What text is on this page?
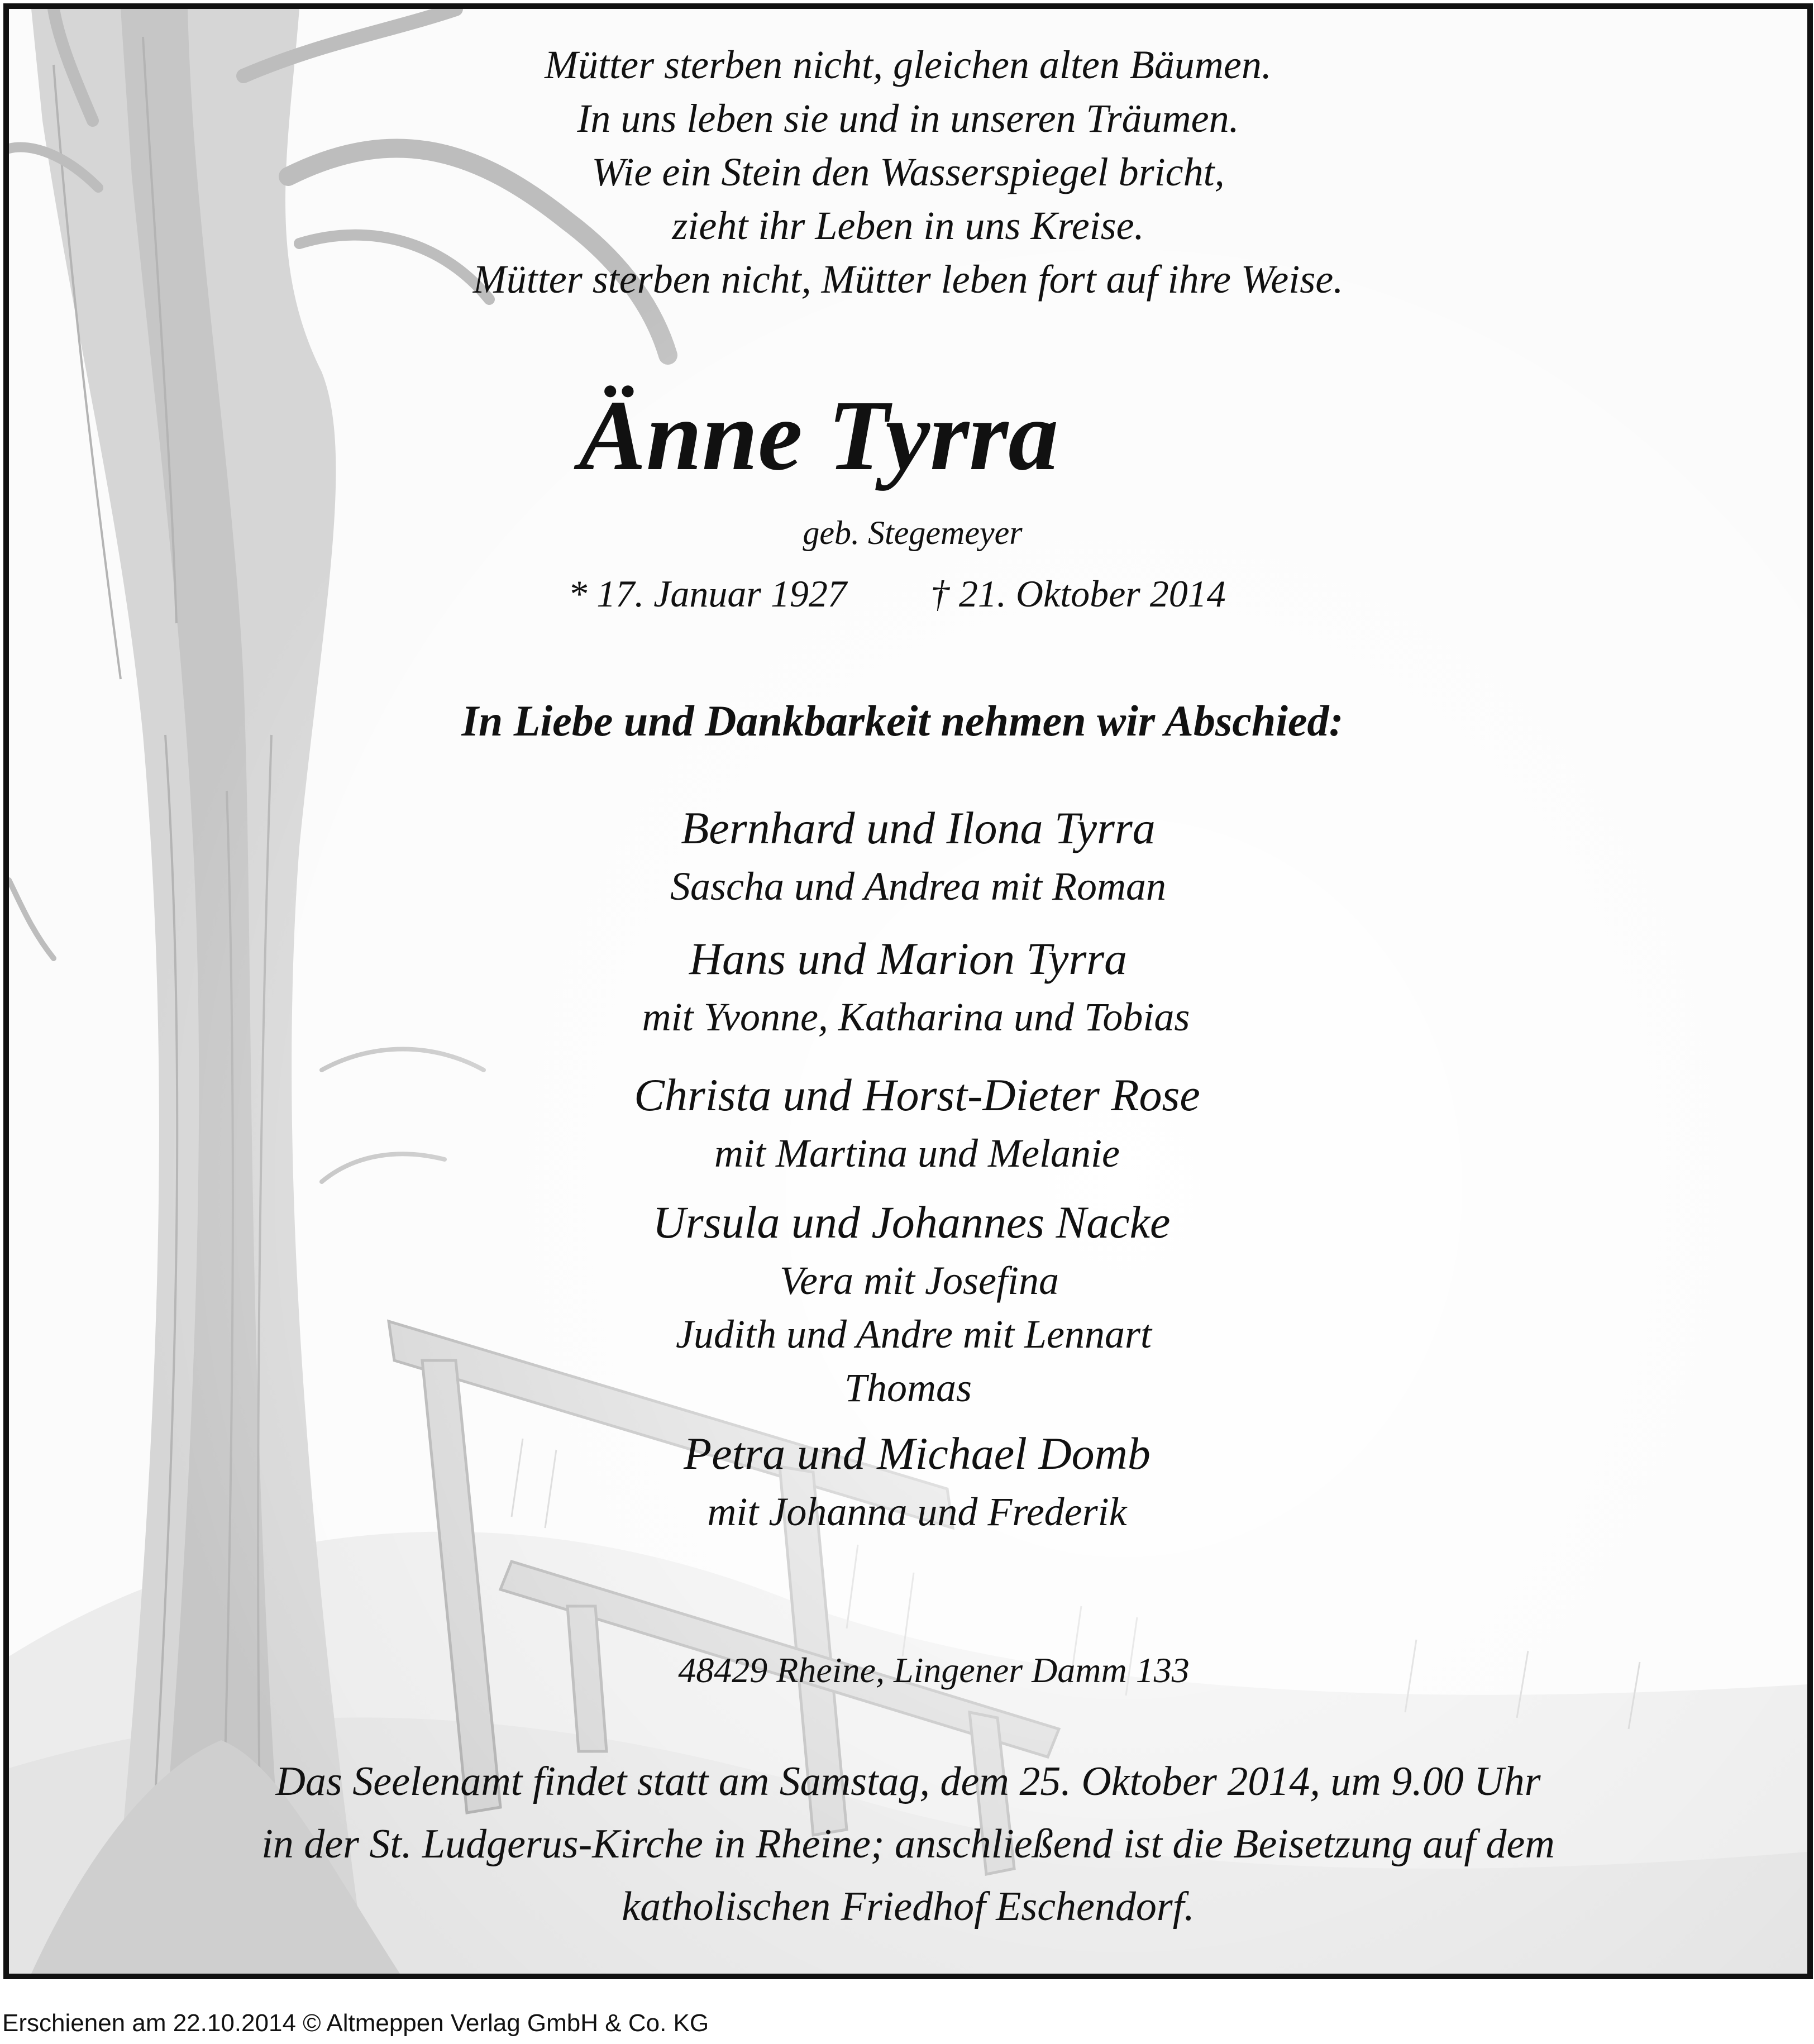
Mütter sterben nicht, gleichen alten Bäumen.
In uns leben sie und in unseren Träumen.
Wie ein Stein den Wasserspiegel bricht,
zieht ihr Leben in uns Kreise.
Mütter sterben nicht, Mütter leben fort auf ihre Weise.
Änne Tyrra
geb. Stegemeyer
* 17. Januar 1927 † 21. Oktober 2014
In Liebe und Dankbarkeit nehmen wir Abschied:
Bernhard und Ilona Tyrra
Sascha und Andrea mit Roman
Hans und Marion Tyrra
mit Yvonne, Katharina und Tobias
Christa und Horst-Dieter Rose
mit Martina und Melanie
Ursula und Johannes Nacke
Vera mit Josefina
Judith und Andre mit Lennart
Thomas
Petra und Michael Domb
mit Johanna und Frederik
48429 Rheine, Lingener Damm 133
Das Seelenamt findet statt am Samstag, dem 25. Oktober 2014, um 9.00 Uhr
in der St. Ludgerus-Kirche in Rheine; anschließend ist die Beisetzung auf dem
katholischen Friedhof Eschendorf.
Erschienen am 22.10.2014 © Altmeppen Verlag GmbH & Co. KG
